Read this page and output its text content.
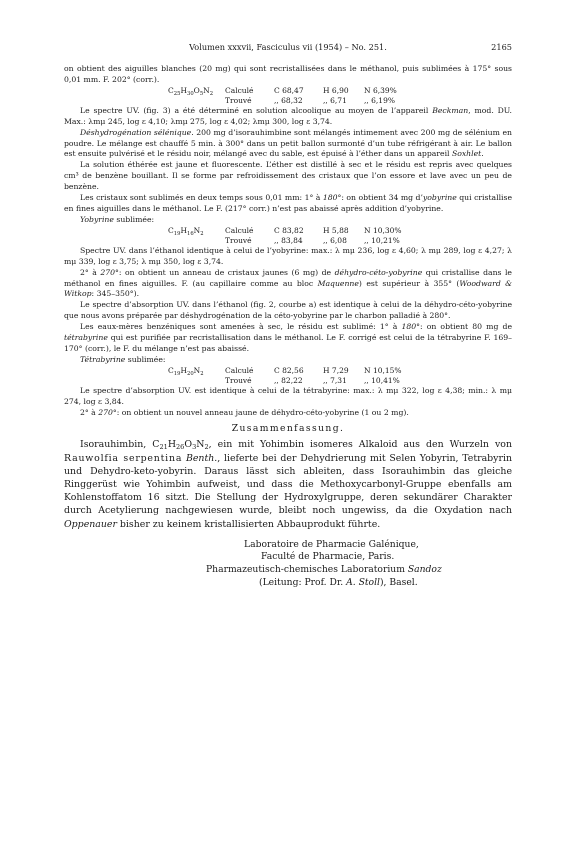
Volumen xxxvii, Fasciculus vii (1954) – No. 251.	2165

on obtient des aiguilles blanches (20 mg) qui sont recristallisées dans le méthanol, puis sublimées à 175° sous 0,01 mm. F. 202° (corr.).

$C_{25}H_{30}O_5N_2$	Calculé	C 68,47	H 6,90	N 6,39%
	Trouvé	,, 68,32	,, 6,71	,, 6,19%

Le spectre UV. (fig. 3) a été déterminé en solution alcoolique au moyen de l’appareil Beckman, mod. DU. Max.: λmμ 245, log ε 4,10; λmμ 275, log ε 4,02; λmμ 300, log ε 3,74.

Déshydrogénation sélénique. 200 mg d’isorauhimbine sont mélangés intimement avec 200 mg de sélénium en poudre. Le mélange est chauffé 5 min. à 300° dans un petit ballon surmonté d’un tube réfrigérant à air. Le ballon est ensuite pulvérisé et le résidu noir, mélangé avec du sable, est épuisé à l’éther dans un appareil Soxhlet.

La solution éthérée est jaune et fluorescente. L’éther est distillé à sec et le résidu est repris avec quelques cm³ de benzène bouillant. Il se forme par refroidissement des cristaux que l’on essore et lave avec un peu de benzène.

Les cristaux sont sublimés en deux temps sous 0,01 mm: 1° à 180°: on obtient 34 mg d’yobyrine qui cristallise en fines aiguilles dans le méthanol. Le F. (217° corr.) n’est pas abaissé après addition d’yobyrine.

Yobyrine sublimée:

$C_{19}H_{16}N_2$	Calculé	C 83,82	H 5,88	N 10,30%
	Trouvé	,, 83,84	,, 6,08	,, 10,21%

Spectre UV. dans l’éthanol identique à celui de l’yobyrine: max.: λ mμ 236, log ε 4,60; λ mμ 289, log ε 4,27; λ mμ 339, log ε 3,75; λ mμ 350, log ε 3,74.

2° à 270°: on obtient un anneau de cristaux jaunes (6 mg) de déhydro-céto-yobyrine qui cristallise dans le méthanol en fines aiguilles. F. (au capillaire comme au bloc Maquenne) est supérieur à 355° (Woodward & Witkop: 345–350°).

Le spectre d’absorption UV. dans l’éthanol (fig. 2, courbe a) est identique à celui de la déhydro-céto-yobyrine que nous avons préparée par déshydrogénation de la céto-yobyrine par le charbon palladié à 280°.

Les eaux-mères benzéniques sont amenées à sec, le résidu est sublimé: 1° à 180°: on obtient 80 mg de tétrabyrine qui est purifiée par recristallisation dans le méthanol. Le F. corrigé est celui de la tétrabyrine F. 169–170° (corr.), le F. du mélange n’est pas abaissé.

Tétrabyrine sublimée:

$C_{19}H_{20}N_2$	Calculé	C 82,56	H 7,29	N 10,15%
	Trouvé	,, 82,22	,, 7,31	,, 10,41%

Le spectre d’absorption UV. est identique à celui de la tétrabyrine: max.: λ mμ 322, log ε 4,38; min.: λ mμ 274, log ε 3,84.

2° à 270°: on obtient un nouvel anneau jaune de déhydro-céto-yobyrine (1 ou 2 mg).

Zusammenfassung.

Isorauhimbin, $C_{21}H_{26}O_3N_2$, ein mit Yohimbin isomeres Alkaloid aus den Wurzeln von Rauwolfia serpentina Benth., lieferte bei der Dehydrierung mit Selen Yobyrin, Tetrabyrin und Dehydro-keto-yobyrin. Daraus lässt sich ableiten, dass Isorauhimbin das gleiche Ringgerüst wie Yohimbin aufweist, und dass die Methoxycarbonyl-Gruppe ebenfalls am Kohlenstoffatom 16 sitzt. Die Stellung der Hydroxylgruppe, deren sekundärer Charakter durch Acetylierung nachgewiesen wurde, bleibt noch ungewiss, da die Oxydation nach Oppenauer bisher zu keinem kristallisierten Abbauprodukt führte.

Laboratoire de Pharmacie Galénique,
Faculté de Pharmacie, Paris.
Pharmazeutisch-chemisches Laboratorium Sandoz
(Leitung: Prof. Dr. A. Stoll), Basel.
